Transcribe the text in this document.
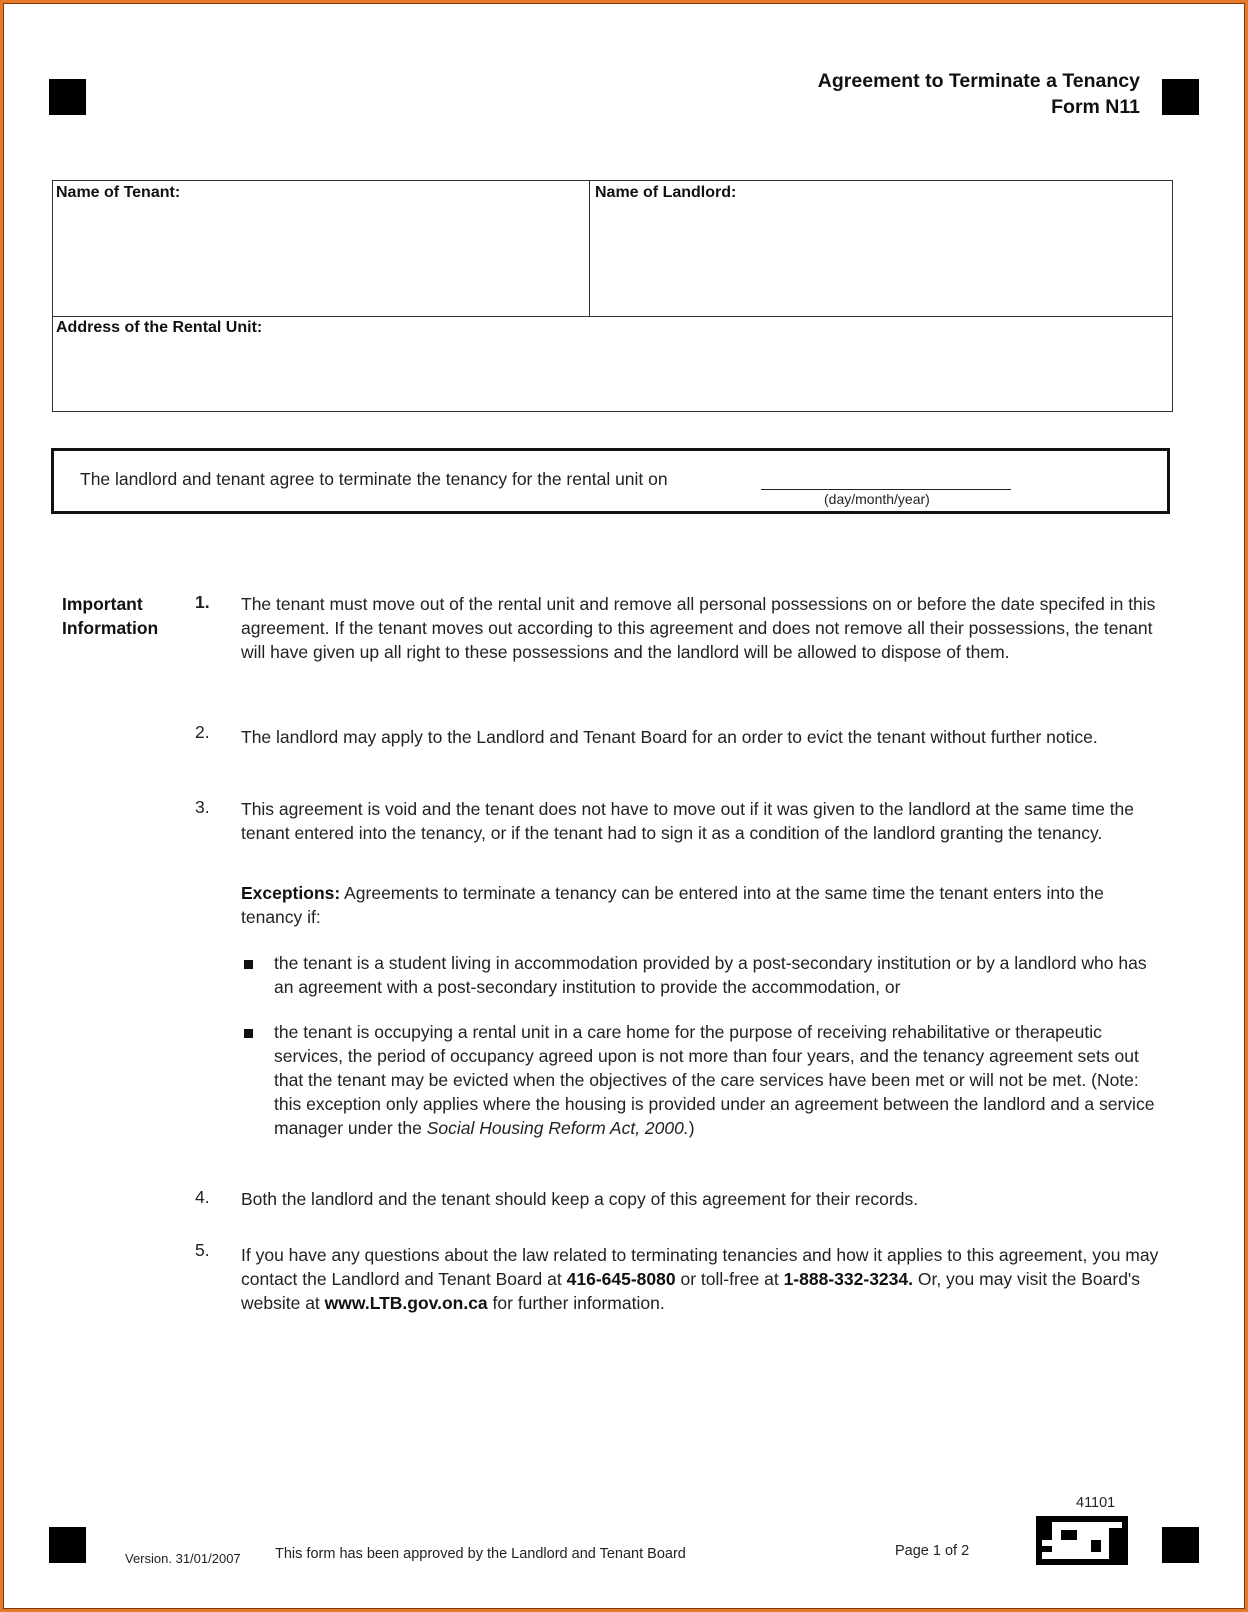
Agreement to Terminate a Tenancy
Form N11
Name of Tenant:	Name of Landlord:
Address of the Rental Unit:
The landlord and tenant agree to terminate the tenancy for the rental unit on
(day/month/year)
Important
Information
1. The tenant must move out of the rental unit and remove all personal possessions on or before the date specifed in this agreement. If the tenant moves out according to this agreement and does not remove all their possessions, the tenant will have given up all right to these possessions and the landlord will be allowed to dispose of them.
2. The landlord may apply to the Landlord and Tenant Board for an order to evict the tenant without further notice.
3. This agreement is void and the tenant does not have to move out if it was given to the landlord at the same time the tenant entered into the tenancy, or if the tenant had to sign it as a condition of the landlord granting the tenancy.
Exceptions: Agreements to terminate a tenancy can be entered into at the same time the tenant enters into the tenancy if:
the tenant is a student living in accommodation provided by a post-secondary institution or by a landlord who has an agreement with a post-secondary institution to provide the accommodation, or
the tenant is occupying a rental unit in a care home for the purpose of receiving rehabilitative or therapeutic services, the period of occupancy agreed upon is not more than four years, and the tenancy agreement sets out that the tenant may be evicted when the objectives of the care services have been met or will not be met. (Note: this exception only applies where the housing is provided under an agreement between the landlord and a service manager under the Social Housing Reform Act, 2000.)
4. Both the landlord and the tenant should keep a copy of this agreement for their records.
5. If you have any questions about the law related to terminating tenancies and how it applies to this agreement, you may contact the Landlord and Tenant Board at 416-645-8080 or toll-free at 1-888-332-3234. Or, you may visit the Board's website at www.LTB.gov.on.ca for further information.
Version. 31/01/2007 This form has been approved by the Landlord and Tenant Board	Page 1 of 2
41101
